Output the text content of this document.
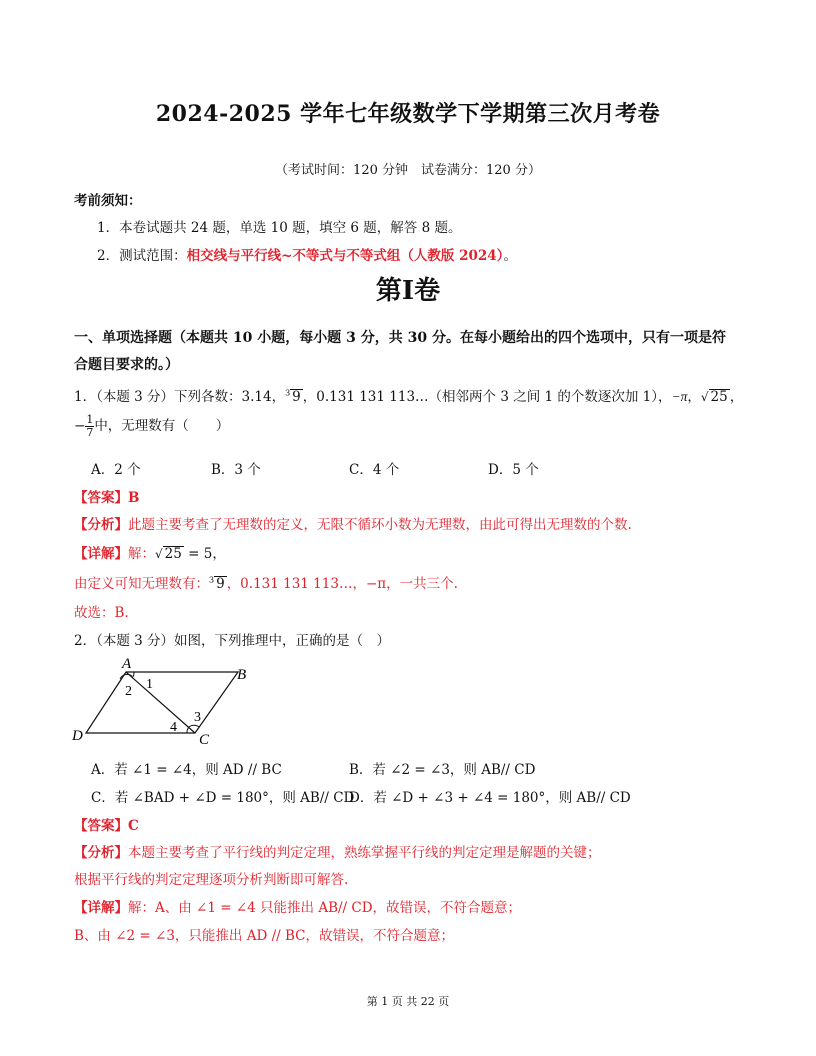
2024-2025 学年七年级数学下学期第三次月考卷
（考试时间：120 分钟　试卷满分：120 分）
考前须知：
1．本卷试题共 24 题，单选 10 题，填空 6 题，解答 8 题。
2．测试范围：相交线与平行线~不等式与不等式组（人教版 2024）。
第Ⅰ卷
一、单项选择题（本题共 10 小题，每小题 3 分，共 30 分。在每小题给出的四个选项中，只有一项是符
合题目要求的。）
1．（本题 3 分）下列各数：3.14，$^3$ 9 ，0.131 131 113…（相邻两个 3 之间 1 的个数逐次加 1），−π，√ 25 ，
− $\frac{1}{7}$ 中，无理数有（　　）
A．2 个	B．3 个	C．4 个	D．5 个
【答案】B
【分析】此题主要考查了无理数的定义，无限不循环小数为无理数，由此可得出无理数的个数.
【详解】解：√ 25 = 5，
由定义可知无理数有：$^3$ 9 ，0.131 131 113…，−π，一共三个.
故选：B.
2．（本题 3 分）如图，下列推理中，正确的是（　）
A
B
C
D
1
2
3
4
A．若 ∠1 = ∠4，则 AD // BC	B．若 ∠2 = ∠3，则 AB// CD
C．若 ∠BAD + ∠D = 180°，则 AB// CD
D．若 ∠D + ∠3 + ∠4 = 180°，则 AB// CD
【答案】C
【分析】本题主要考查了平行线的判定定理，熟练掌握平行线的判定定理是解题的关键；
根据平行线的判定定理逐项分析判断即可解答.
【详解】解：A、由 ∠1 = ∠4 只能推出 AB// CD，故错误，不符合题意；
B、由 ∠2 = ∠3，只能推出 AD // BC，故错误，不符合题意；
第 1 页 共 22 页
